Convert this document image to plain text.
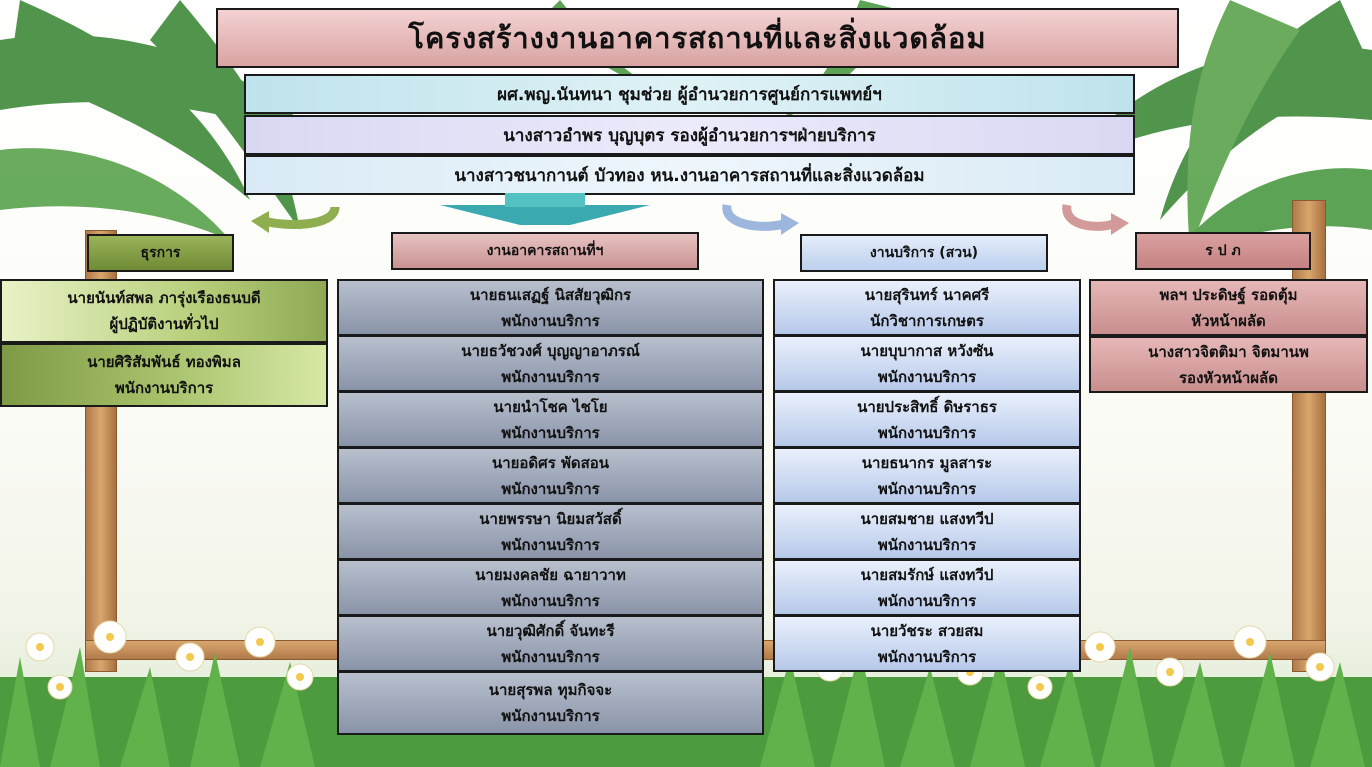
โครงสร้างงานอาคารสถานที่และสิ่งแวดล้อม
ผศ.พญ.นันทนา ชุมช่วย ผู้อำนวยการศูนย์การแพทย์ฯ
นางสาวอำพร บุญบุตร รองผู้อำนวยการฯฝ่ายบริการ
นางสาวชนากานต์ บัวทอง หน.งานอาคารสถานที่และสิ่งแวดล้อม
ธุรการ	งานอาคารสถานที่ฯ	งานบริการ (สวน)	ร ป ภ
นายนันท์สพล ภารุ่งเรืองธนบดี
ผู้ปฏิบัติงานทั่วไป
นายศิริสัมพันธ์ ทองพิมล
พนักงานบริการ
นายธนเสฏฐ์ นิสสัยวุฒิกร
พนักงานบริการ
นายธวัชวงศ์ บุญญาอาภรณ์
พนักงานบริการ
นายนำโชค ไชโย
พนักงานบริการ
นายอดิศร พัดสอน
พนักงานบริการ
นายพรรษา นิยมสวัสดิ์
พนักงานบริการ
นายมงคลชัย ฉายาวาท
พนักงานบริการ
นายวุฒิศักดิ์ จันทะรี
พนักงานบริการ
นายสุรพล ทุมกิจจะ
พนักงานบริการ
นายสุรินทร์ นาคศรี
นักวิชาการเกษตร
นายบุบากาส หวังซัน
พนักงานบริการ
นายประสิทธิ์ ดิษราธร
พนักงานบริการ
นายธนากร มูลสาระ
พนักงานบริการ
นายสมชาย แสงทวีป
พนักงานบริการ
นายสมรักษ์ แสงทวีป
พนักงานบริการ
นายวัชระ สวยสม
พนักงานบริการ
พลฯ ประดิษฐ์ รอดตุ้ม
หัวหน้าผลัด
นางสาวจิตติมา จิตมานพ
รองหัวหน้าผลัด
